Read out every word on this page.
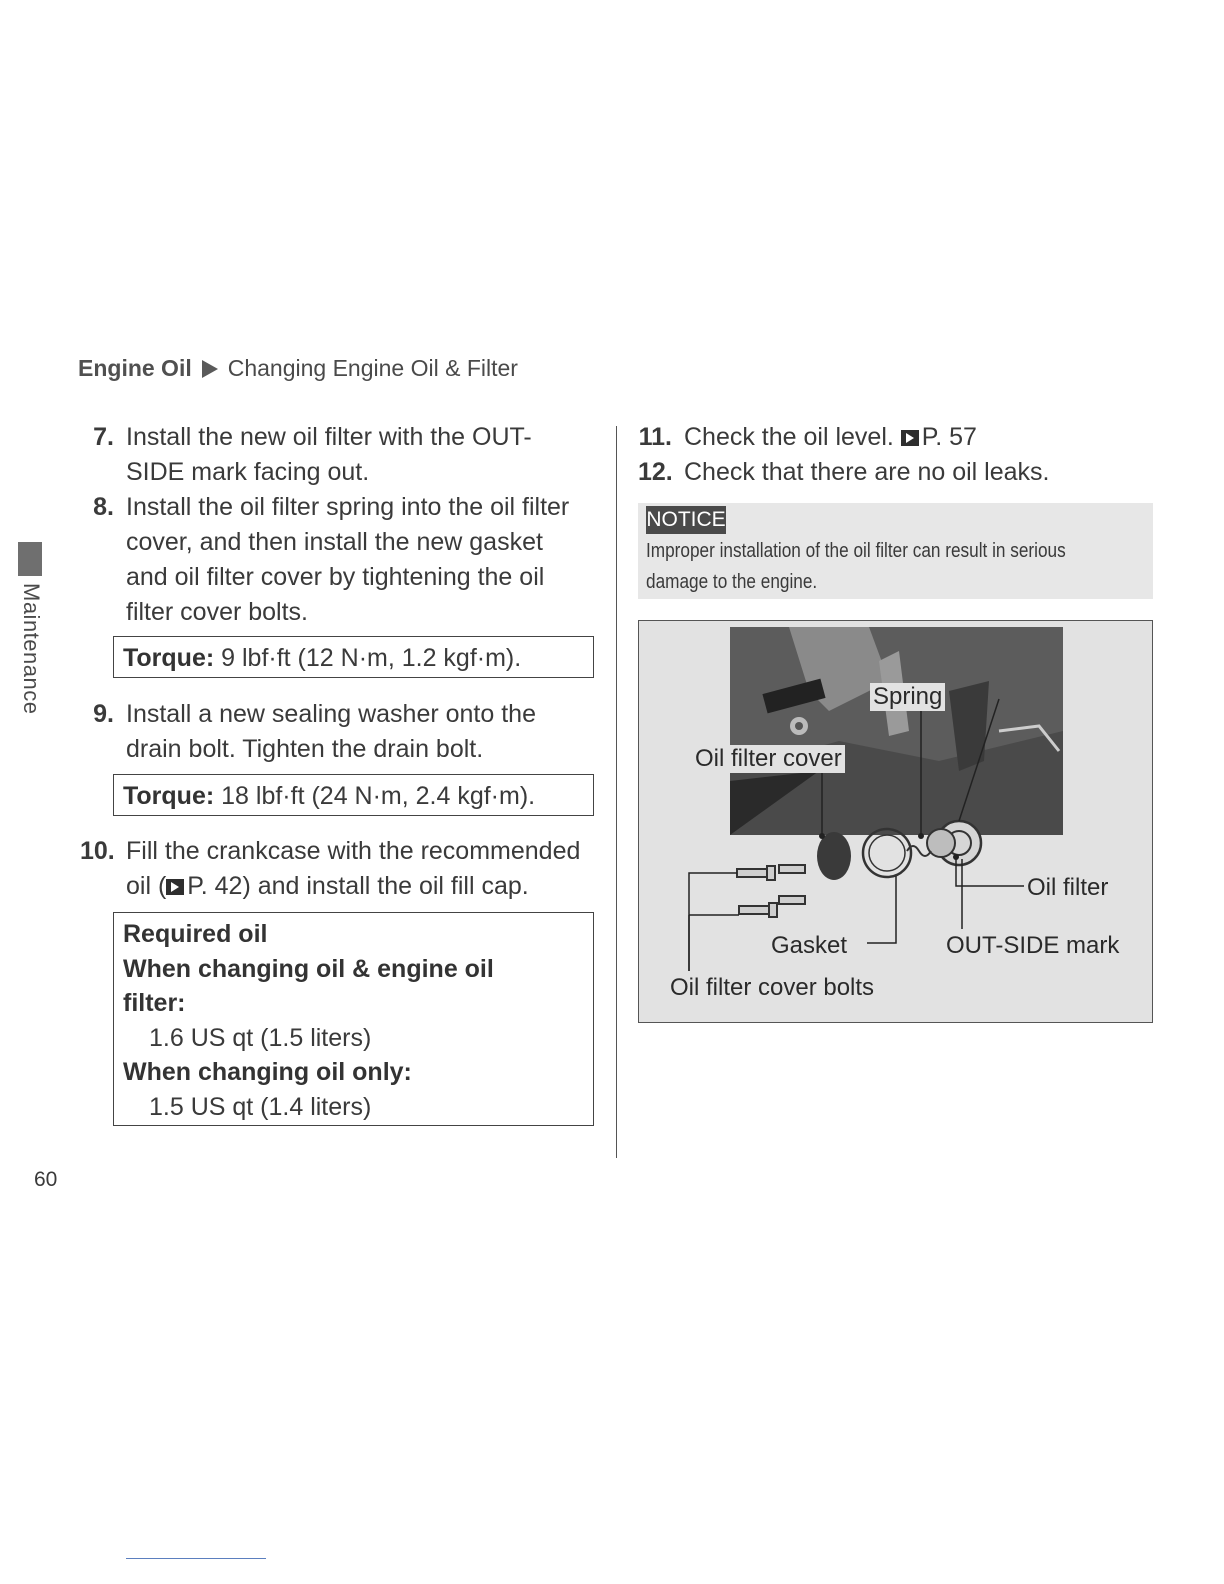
Engine Oil Changing Engine Oil & Filter
Maintenance
7. Install the new oil filter with the OUT-
SIDE mark facing out.
8. Install the oil filter spring into the oil filter
cover, and then install the new gasket
and oil filter cover by tightening the oil
filter cover bolts.
Torque: 9 lbf·ft (12 N·m, 1.2 kgf·m).
9. Install a new sealing washer onto the
drain bolt. Tighten the drain bolt.
Torque: 18 lbf·ft (24 N·m, 2.4 kgf·m).
10. Fill the crankcase with the recommended
oil ( P. 42) and install the oil fill cap.
Required oil
When changing oil & engine oil
filter:
1.6 US qt (1.5 liters)
When changing oil only:
1.5 US qt (1.4 liters)
11. Check the oil level. P. 57
12. Check that there are no oil leaks.
NOTICE
Improper installation of the oil filter can result in serious
damage to the engine.
Spring
Oil filter cover
Oil filter
Gasket	OUT-SIDE mark
Oil filter cover bolts
60
